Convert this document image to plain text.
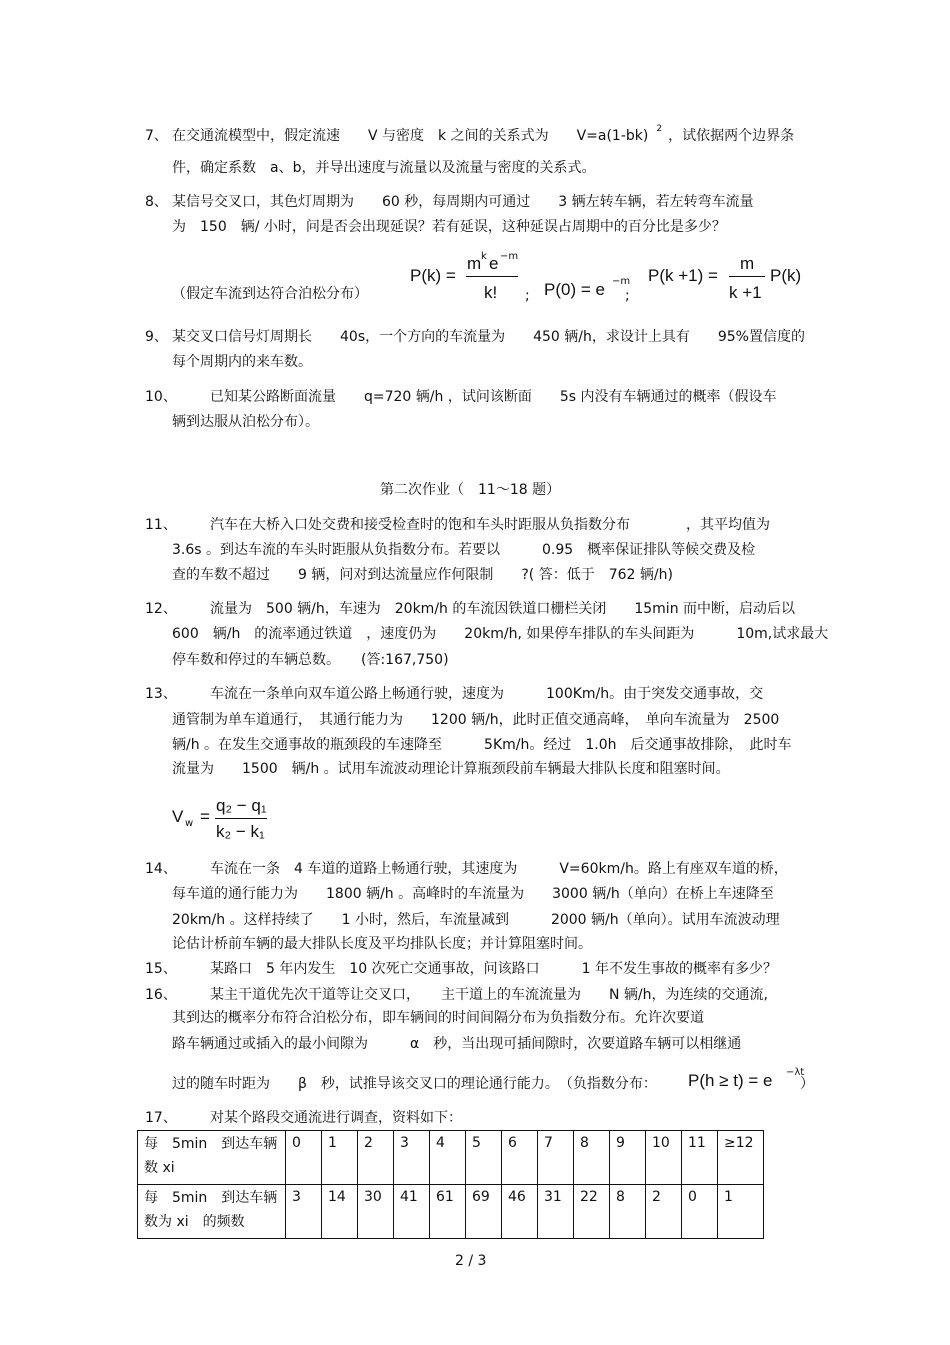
7、 在交通流模型中，假定流速　　V 与密度　k 之间的关系式为　　V=a(1-bk) $^2$ ，试依据两个边界条
件，确定系数　a、b，并导出速度与流量以及流量与密度的关系式。
8、 某信号交叉口，其色灯周期为　　60 秒，每周期内可通过　　3 辆左转车辆，若左转弯车流量
为　150　辆/ 小时，问是否会出现延误？若有延误，这种延误占周期中的百分比是多少？
（假定车流到达符合泊松分布）
P(k) =
m k e −m
k! ; P(0) = e −m
;
P(k +1) =
m
k +1
P(k)
9、 某交叉口信号灯周期长　　40s，一个方向的车流量为　　450 辆/h，求设计上具有　　95%置信度的
每个周期内的来车数。
10、 已知某公路断面流量　　q=720 辆/h ，试问该断面　　5s 内没有车辆通过的概率（假设车
辆到达服从泊松分布）。
第二次作业（　11～18 题）
11、 汽车在大桥入口处交费和接受检查时的饱和车头时距服从负指数分布　　　　，其平均值为
3.6s 。到达车流的车头时距服从负指数分布。若要以　　　0.95　概率保证排队等候交费及检
查的车数不超过　　9 辆，问对到达流量应作何限制　　?( 答：低于　762 辆/h)
12、 流量为　500 辆/h，车速为　20km/h 的车流因铁道口栅栏关闭　　15min 而中断，启动后以
600　辆/h　的流率通过铁道　，速度仍为　　20km/h, 如果停车排队的车头间距为　　　10m,试求最大
停车数和停过的车辆总数。　　(答:167,750)
13、 车流在一条单向双车道公路上畅通行驶，速度为　　　100Km/h。由于突发交通事故，交
通管制为单车道通行，　其通行能力为　　1200 辆/h，此时正值交通高峰，　单向车流量为　2500
辆/h 。在发生交通事故的瓶颈段的车速降至　　　5Km/h。经过　1.0h　后交通事故排除，　此时车
流量为　　1500　辆/h 。试用车流波动理论计算瓶颈段前车辆最大排队长度和阻塞时间。
V w =
q₂ − q₁
k₂ − k₁
14、 车流在一条　4 车道的道路上畅通行驶，其速度为　　　V=60km/h。路上有座双车道的桥，
每车道的通行能力为　　1800 辆/h 。高峰时的车流量为　　3000 辆/h（单向）在桥上车速降至
20km/h 。这样持续了　　1 小时，然后，车流量减到　　　2000 辆/h（单向）。试用车流波动理
论估计桥前车辆的最大排队长度及平均排队长度；并计算阻塞时间。
15、 某路口　5 年内发生　10 次死亡交通事故，问该路口　　　1 年不发生事故的概率有多少？
16、 某主干道优先次干道等让交叉口，　　主干道上的车流流量为　　N 辆/h，为连续的交通流,
其到达的概率分布符合泊松分布，即车辆间的时间间隔分布为负指数分布。允许次要道
路车辆通过或插入的最小间隙为　　　α　秒，当出现可插间隙时，次要道路车辆可以相继通
过的随车时距为　　β　秒，试推导该交叉口的理论通行能力。　（负指数分布： P(h ≥ t) = e −λt
）
17、 对某个路段交通流进行调查，资料如下：
每　5min　到达车辆
数 xi	0	1	2	3	4	5	6	7	8	9	10	11	≥12

每　5min　到达车辆
数为 xi　的频数	3	14	30	41	61	69	46	31	22	8	2	0	1
2 / 3
